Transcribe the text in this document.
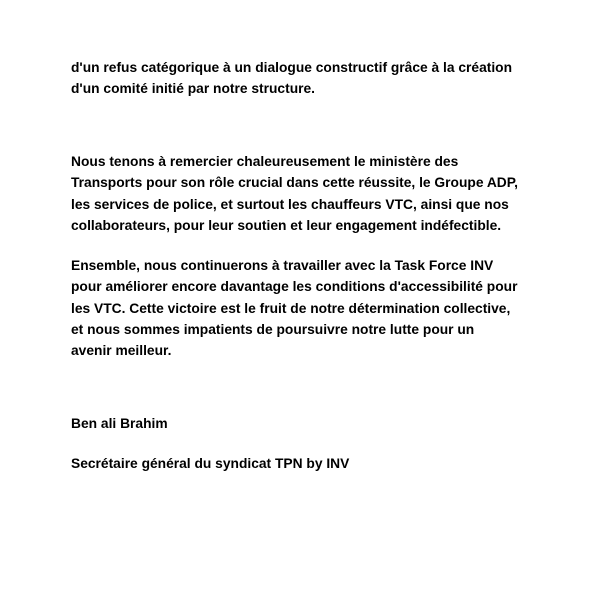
d'un refus catégorique à un dialogue constructif grâce à la création
d'un comité initié par notre structure.

Nous tenons à remercier chaleureusement le ministère des
Transports pour son rôle crucial dans cette réussite, le Groupe ADP,
les services de police, et surtout les chauffeurs VTC, ainsi que nos
collaborateurs, pour leur soutien et leur engagement indéfectible.

Ensemble, nous continuerons à travailler avec la Task Force INV
pour améliorer encore davantage les conditions d'accessibilité pour
les VTC. Cette victoire est le fruit de notre détermination collective,
et nous sommes impatients de poursuivre notre lutte pour un
avenir meilleur.

Ben ali Brahim

Secrétaire général du syndicat TPN by INV
